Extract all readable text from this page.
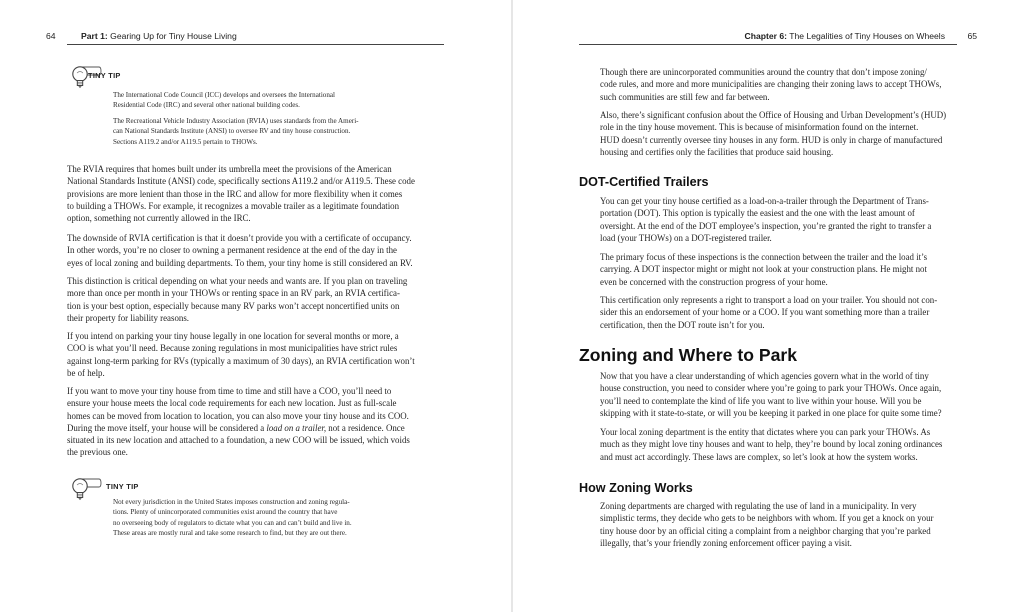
64	Part 1: Gearing Up for Tiny House Living
TINY TIP
The International Code Council (ICC) develops and oversees the International
Residential Code (IRC) and several other national building codes.
The Recreational Vehicle Industry Association (RVIA) uses standards from the Ameri-
can National Standards Institute (ANSI) to oversee RV and tiny house construction.
Sections A119.2 and/or A119.5 pertain to THOWs.
The RVIA requires that homes built under its umbrella meet the provisions of the American
National Standards Institute (ANSI) code, specifically sections A119.2 and/or A119.5. These code
provisions are more lenient than those in the IRC and allow for more flexibility when it comes
to building a THOWs. For example, it recognizes a movable trailer as a legitimate foundation
option, something not currently allowed in the IRC.
The downside of RVIA certification is that it doesn’t provide you with a certificate of occupancy.
In other words, you’re no closer to owning a permanent residence at the end of the day in the
eyes of local zoning and building departments. To them, your tiny home is still considered an RV.
This distinction is critical depending on what your needs and wants are. If you plan on traveling
more than once per month in your THOWs or renting space in an RV park, an RVIA certifica-
tion is your best option, especially because many RV parks won’t accept noncertified units on
their property for liability reasons.
If you intend on parking your tiny house legally in one location for several months or more, a
COO is what you’ll need. Because zoning regulations in most municipalities have strict rules
against long-term parking for RVs (typically a maximum of 30 days), an RVIA certification won’t
be of help.
If you want to move your tiny house from time to time and still have a COO, you’ll need to
ensure your house meets the local code requirements for each new location. Just as full-scale
homes can be moved from location to location, you can also move your tiny house and its COO.
During the move itself, your house will be considered a load on a trailer, not a residence. Once
situated in its new location and attached to a foundation, a new COO will be issued, which voids
the previous one.
TINY TIP
Not every jurisdiction in the United States imposes construction and zoning regula-
tions. Plenty of unincorporated communities exist around the country that have
no overseeing body of regulators to dictate what you can and can’t build and live in.
These areas are mostly rural and take some research to find, but they are out there.
Chapter 6: The Legalities of Tiny Houses on Wheels	65
Though there are unincorporated communities around the country that don’t impose zoning/
code rules, and more and more municipalities are changing their zoning laws to accept THOWs,
such communities are still few and far between.
Also, there’s significant confusion about the Office of Housing and Urban Development’s (HUD)
role in the tiny house movement. This is because of misinformation found on the internet.
HUD doesn’t currently oversee tiny houses in any form. HUD is only in charge of manufactured
housing and certifies only the facilities that produce said housing.
DOT-Certified Trailers
You can get your tiny house certified as a load-on-a-trailer through the Department of Trans-
portation (DOT). This option is typically the easiest and the one with the least amount of
oversight. At the end of the DOT employee’s inspection, you’re granted the right to transfer a
load (your THOWs) on a DOT-registered trailer.
The primary focus of these inspections is the connection between the trailer and the load it’s
carrying. A DOT inspector might or might not look at your construction plans. He might not
even be concerned with the construction progress of your home.
This certification only represents a right to transport a load on your trailer. You should not con-
sider this an endorsement of your home or a COO. If you want something more than a trailer
certification, then the DOT route isn’t for you.
Zoning and Where to Park
Now that you have a clear understanding of which agencies govern what in the world of tiny
house construction, you need to consider where you’re going to park your THOWs. Once again,
you’ll need to contemplate the kind of life you want to live within your house. Will you be
skipping with it state-to-state, or will you be keeping it parked in one place for quite some time?
Your local zoning department is the entity that dictates where you can park your THOWs. As
much as they might love tiny houses and want to help, they’re bound by local zoning ordinances
and must act accordingly. These laws are complex, so let’s look at how the system works.
How Zoning Works
Zoning departments are charged with regulating the use of land in a municipality. In very
simplistic terms, they decide who gets to be neighbors with whom. If you get a knock on your
tiny house door by an official citing a complaint from a neighbor charging that you’re parked
illegally, that’s your friendly zoning enforcement officer paying a visit.
